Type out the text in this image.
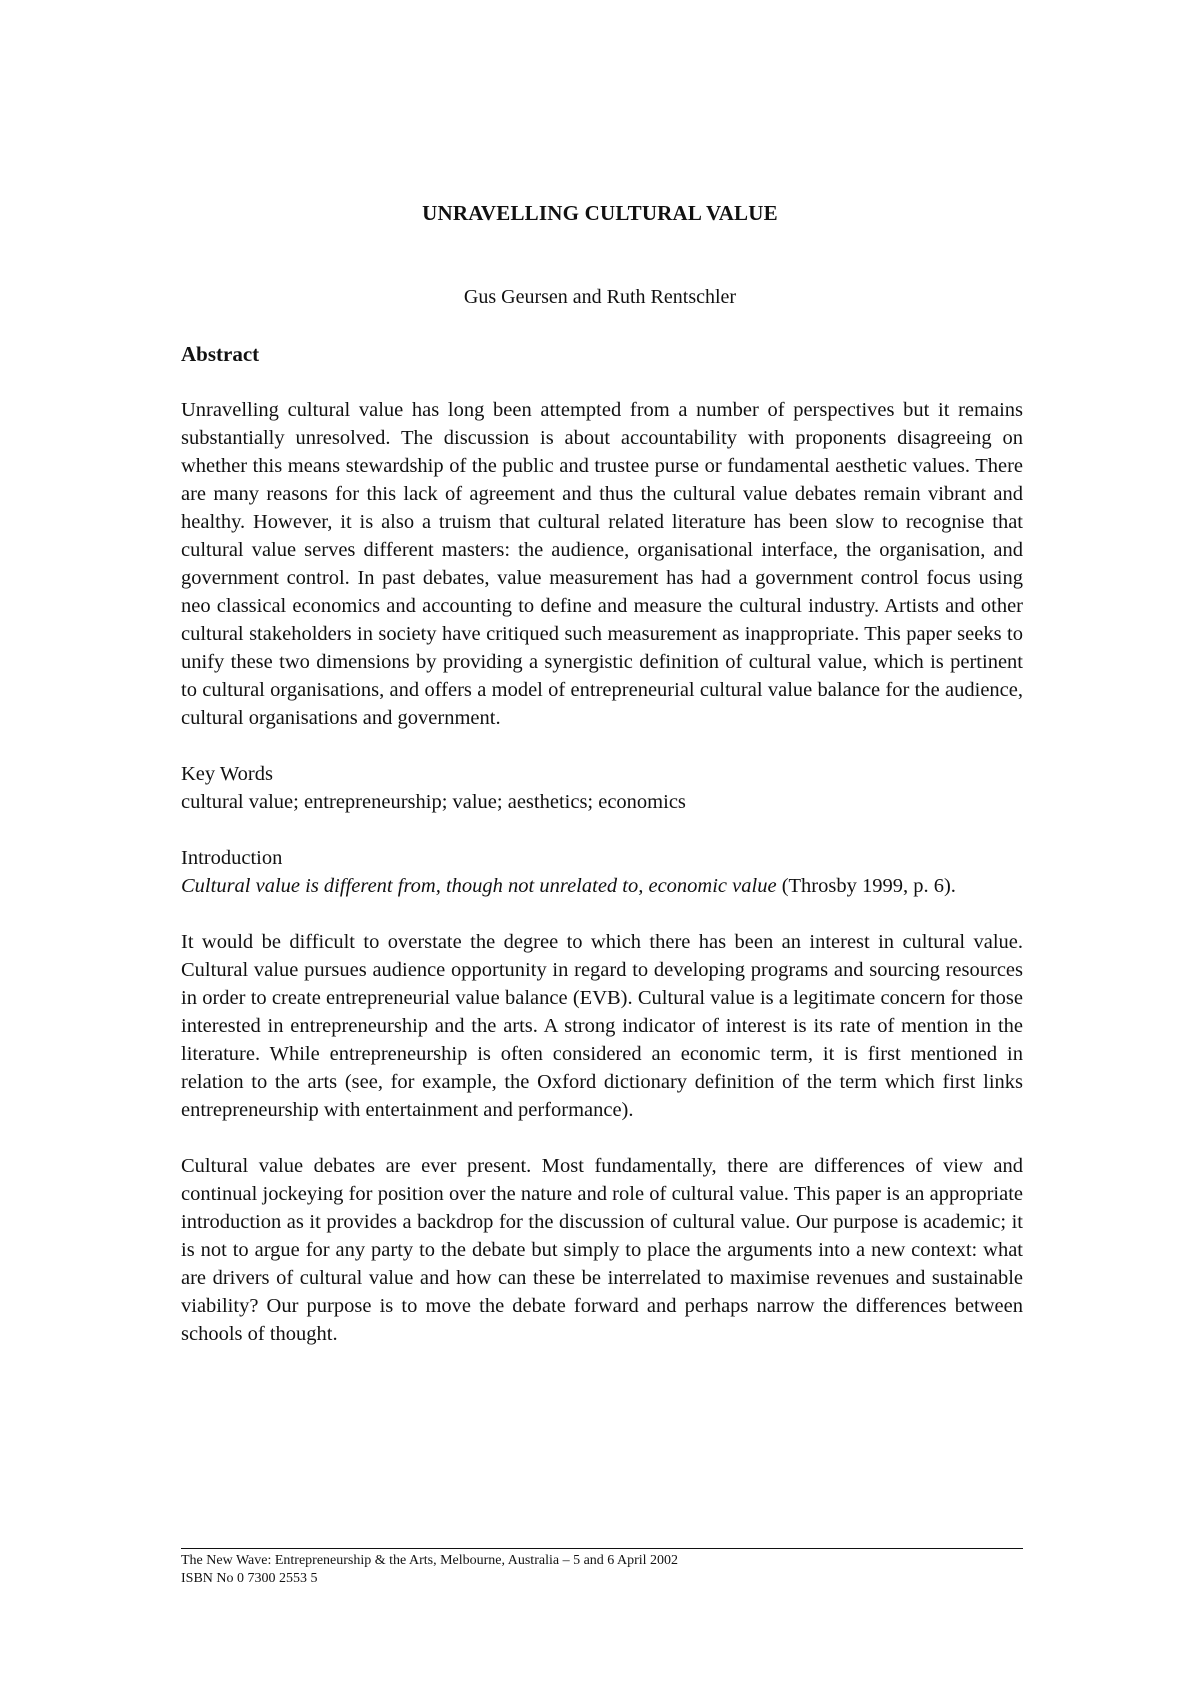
UNRAVELLING CULTURAL VALUE
Gus Geursen and Ruth Rentschler

Abstract

Unravelling cultural value has long been attempted from a number of perspectives but it remains substantially unresolved. The discussion is about accountability with proponents disagreeing on whether this means stewardship of the public and trustee purse or fundamental aesthetic values. There are many reasons for this lack of agreement and thus the cultural value debates remain vibrant and healthy. However, it is also a truism that cultural related literature has been slow to recognise that cultural value serves different masters: the audience, organisational interface, the organisation, and government control. In past debates, value measurement has had a government control focus using neo classical economics and accounting to define and measure the cultural industry. Artists and other cultural stakeholders in society have critiqued such measurement as inappropriate. This paper seeks to unify these two dimensions by providing a synergistic definition of cultural value, which is pertinent to cultural organisations, and offers a model of entrepreneurial cultural value balance for the audience, cultural organisations and government.

Key Words

cultural value; entrepreneurship; value; aesthetics; economics

Introduction

Cultural value is different from, though not unrelated to, economic value (Throsby 1999, p. 6).

It would be difficult to overstate the degree to which there has been an interest in cultural value. Cultural value pursues audience opportunity in regard to developing programs and sourcing resources in order to create entrepreneurial value balance (EVB). Cultural value is a legitimate concern for those interested in entrepreneurship and the arts. A strong indicator of interest is its rate of mention in the literature. While entrepreneurship is often considered an economic term, it is first mentioned in relation to the arts (see, for example, the Oxford dictionary definition of the term which first links entrepreneurship with entertainment and performance).

Cultural value debates are ever present. Most fundamentally, there are differences of view and continual jockeying for position over the nature and role of cultural value. This paper is an appropriate introduction as it provides a backdrop for the discussion of cultural value. Our purpose is academic; it is not to argue for any party to the debate but simply to place the arguments into a new context: what are drivers of cultural value and how can these be interrelated to maximise revenues and sustainable viability? Our purpose is to move the debate forward and perhaps narrow the differences between schools of thought.

The New Wave: Entrepreneurship & the Arts, Melbourne, Australia – 5 and 6 April 2002
ISBN No 0 7300 2553 5
